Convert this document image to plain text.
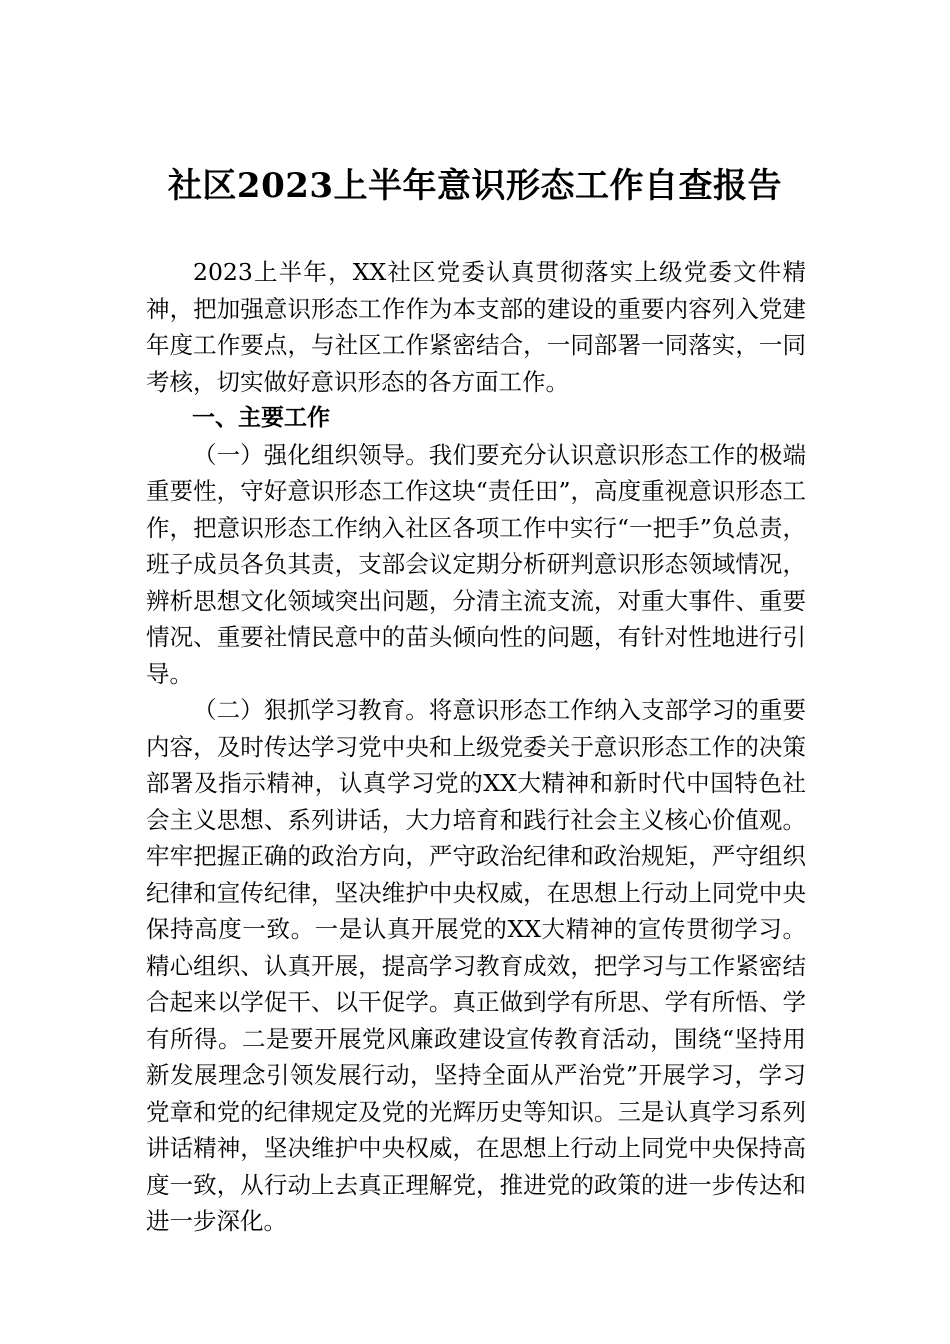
社区2023上半年意识形态工作自查报告

2023上半年，XX社区党委认真贯彻落实上级党委文件精神，把加强意识形态工作作为本支部的建设的重要内容列入党建年度工作要点，与社区工作紧密结合，一同部署一同落实，一同考核，切实做好意识形态的各方面工作。

一、主要工作

（一）强化组织领导。我们要充分认识意识形态工作的极端重要性，守好意识形态工作这块“责任田”，高度重视意识形态工作，把意识形态工作纳入社区各项工作中实行“一把手”负总责，班子成员各负其责，支部会议定期分析研判意识形态领域情况，辨析思想文化领域突出问题，分清主流支流，对重大事件、重要情况、重要社情民意中的苗头倾向性的问题，有针对性地进行引导。

（二）狠抓学习教育。将意识形态工作纳入支部学习的重要内容，及时传达学习党中央和上级党委关于意识形态工作的决策部署及指示精神，认真学习党的XX大精神和新时代中国特色社会主义思想、系列讲话，大力培育和践行社会主义核心价值观。牢牢把握正确的政治方向，严守政治纪律和政治规矩，严守组织纪律和宣传纪律，坚决维护中央权威，在思想上行动上同党中央保持高度一致。一是认真开展党的XX大精神的宣传贯彻学习。精心组织、认真开展，提高学习教育成效，把学习与工作紧密结合起来以学促干、以干促学。真正做到学有所思、学有所悟、学有所得。二是要开展党风廉政建设宣传教育活动，围绕“坚持用新发展理念引领发展行动，坚持全面从严治党”开展学习，学习党章和党的纪律规定及党的光辉历史等知识。三是认真学习系列讲话精神，坚决维护中央权威，在思想上行动上同党中央保持高度一致，从行动上去真正理解党，推进党的政策的进一步传达和进一步深化。
